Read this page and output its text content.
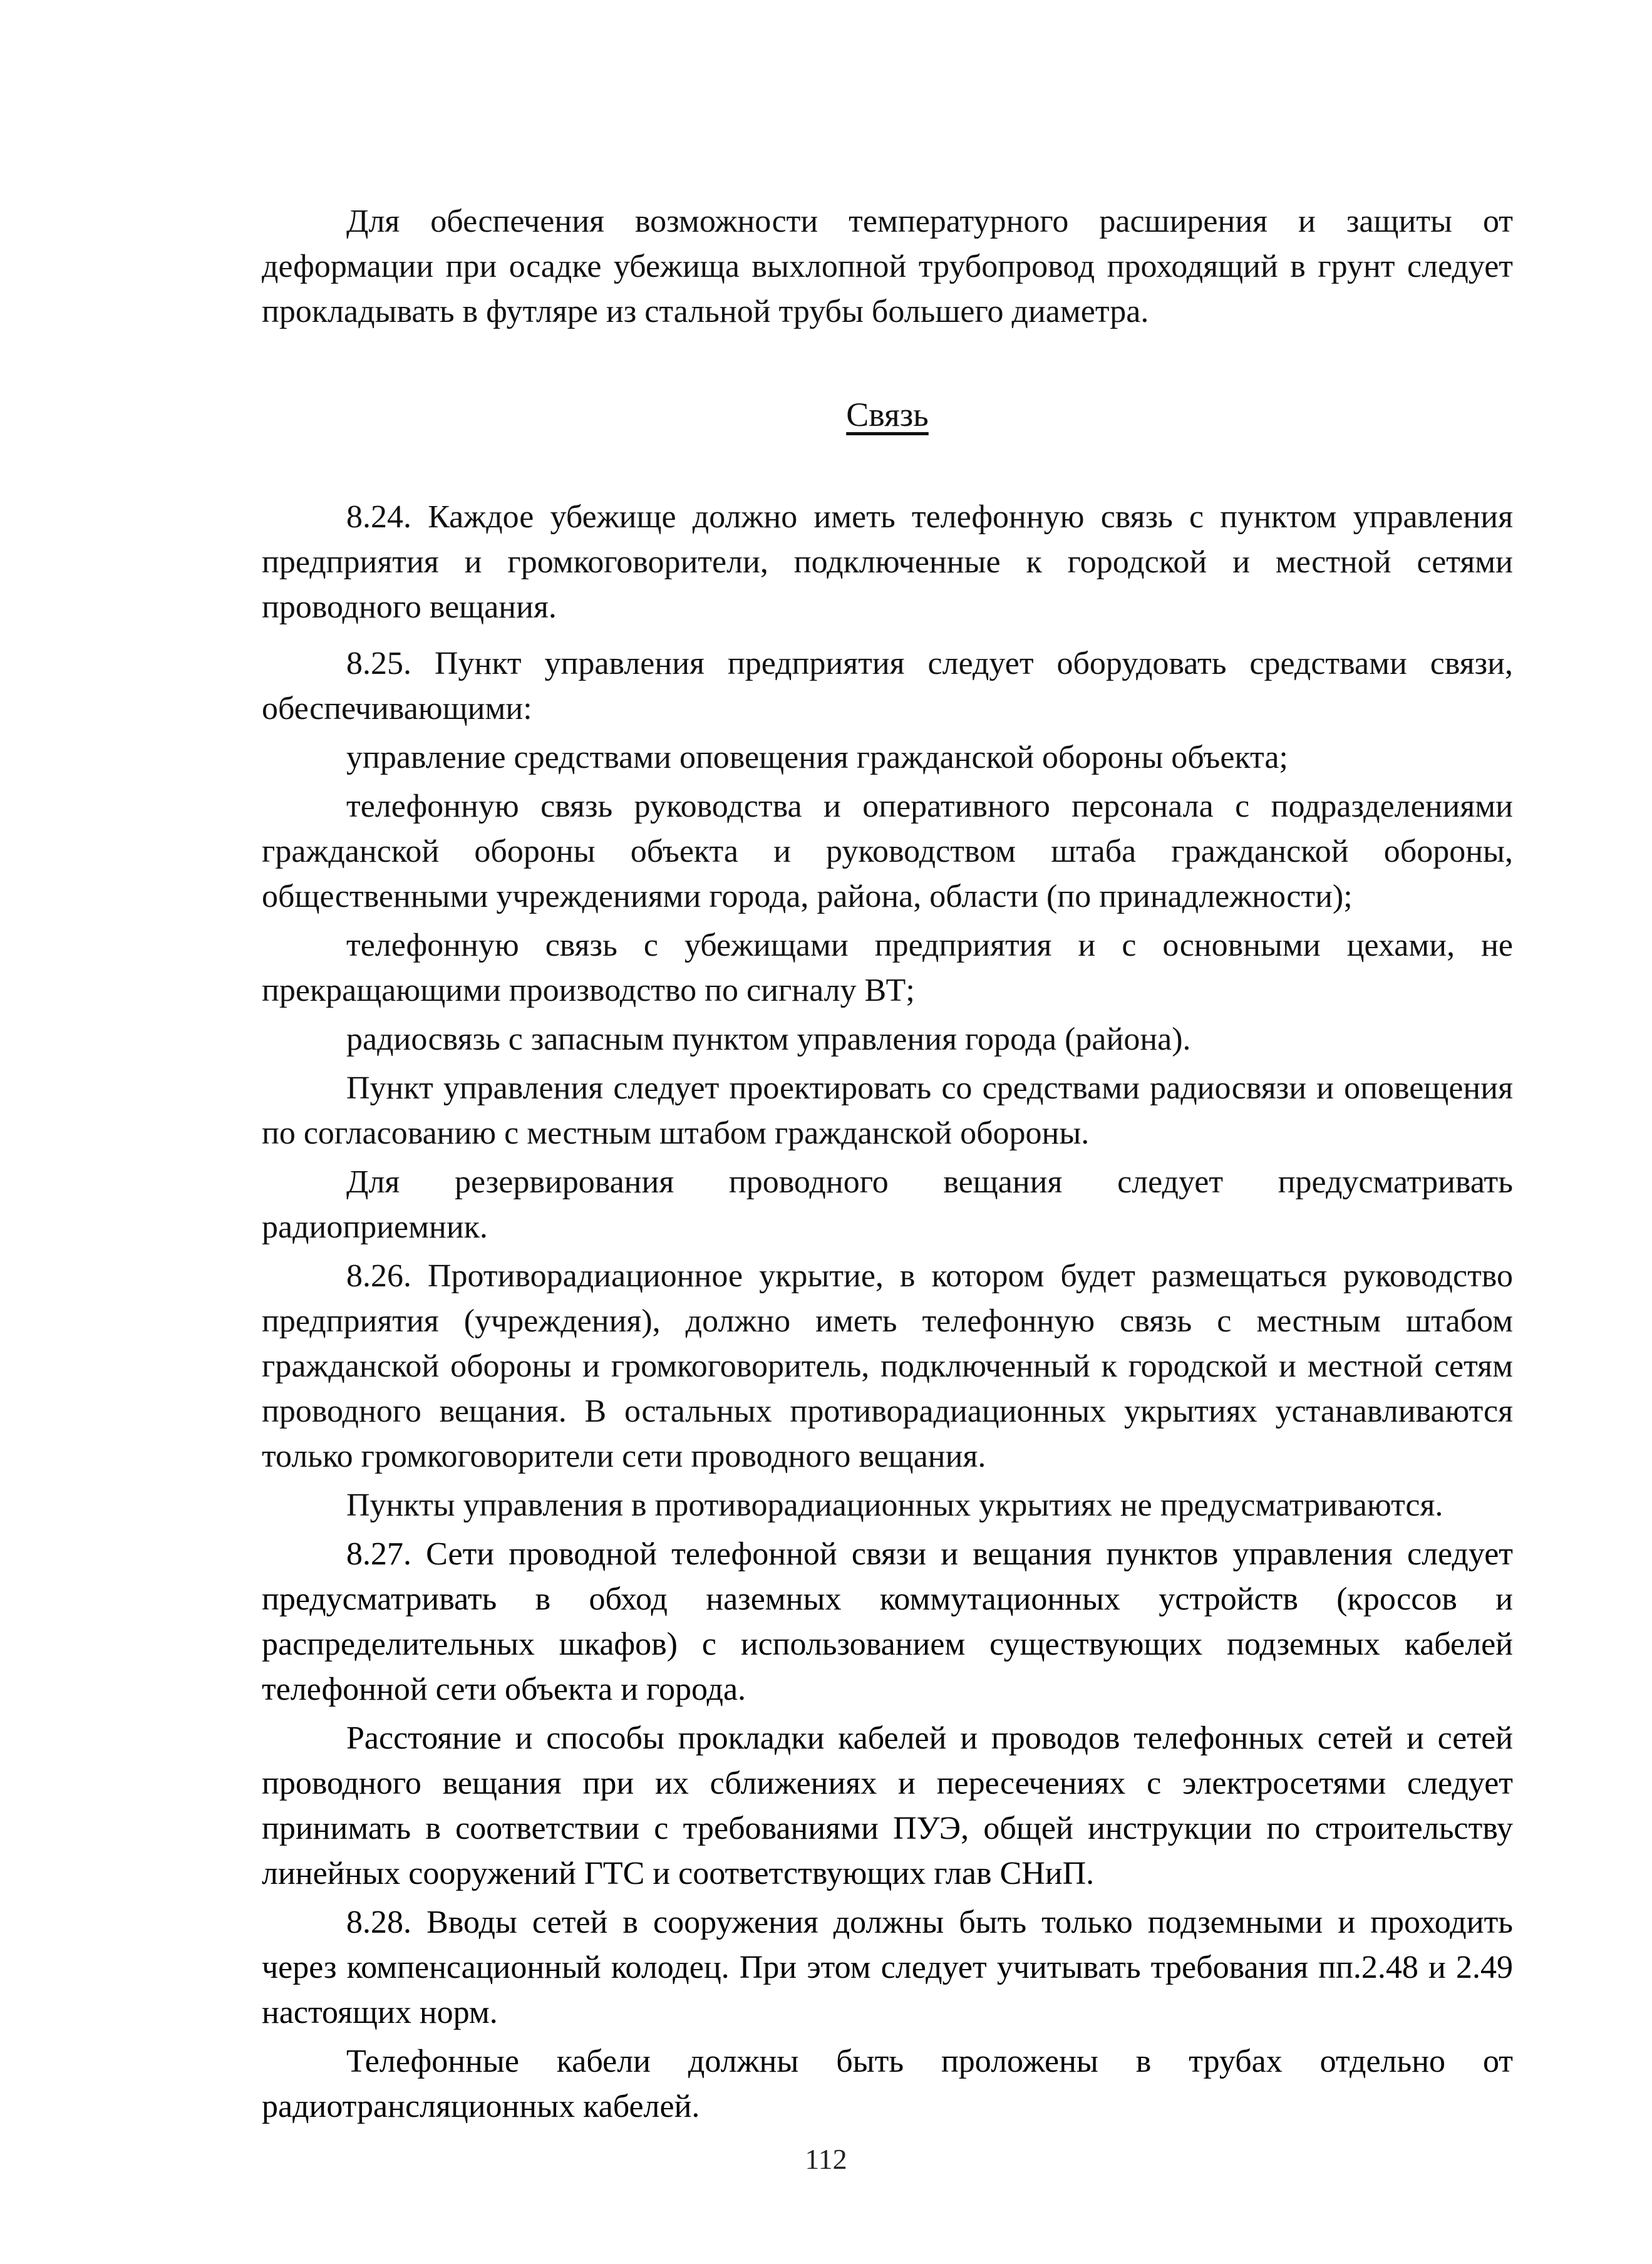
Для обеспечения возможности температурного расширения и защиты от деформации при осадке убежища выхлопной трубопровод проходящий в грунт следует прокладывать в футляре из стальной трубы большего диаметра.

Связь

8.24. Каждое убежище должно иметь телефонную связь с пунктом управления предприятия и громкоговорители, подключенные к городской и местной сетями проводного вещания.

8.25. Пункт управления предприятия следует оборудовать средствами связи, обеспечивающими:

управление средствами оповещения гражданской обороны объекта;

телефонную связь руководства и оперативного персонала с подразделениями гражданской обороны объекта и руководством штаба гражданской обороны, общественными учреждениями города, района, области (по принадлежности);

телефонную связь с убежищами предприятия и с основными цехами, не прекращающими производство по сигналу ВТ;

радиосвязь с запасным пунктом управления города (района).

Пункт управления следует проектировать со средствами радиосвязи и оповещения по согласованию с местным штабом гражданской обороны.

Для резервирования проводного вещания следует предусматривать радиоприемник.

8.26. Противорадиационное укрытие, в котором будет размещаться руководство предприятия (учреждения), должно иметь телефонную связь с местным штабом гражданской обороны и громкоговоритель, подключенный к городской и местной сетям проводного вещания. В остальных противорадиационных укрытиях устанавливаются только громкоговорители сети проводного вещания.

Пункты управления в противорадиационных укрытиях не предусматриваются.

8.27. Сети проводной телефонной связи и вещания пунктов управления следует предусматривать в обход наземных коммутационных устройств (кроссов и распределительных шкафов) с использованием существующих подземных кабелей телефонной сети объекта и города.

Расстояние и способы прокладки кабелей и проводов телефонных сетей и сетей проводного вещания при их сближениях и пересечениях с электросетями следует принимать в соответствии с требованиями ПУЭ, общей инструкции по строительству линейных сооружений ГТС и соответствующих глав СНиП.

8.28. Вводы сетей в сооружения должны быть только подземными и проходить через компенсационный колодец. При этом следует учитывать требования пп.2.48 и 2.49 настоящих норм.

Телефонные кабели должны быть проложены в трубах отдельно от радиотрансляционных кабелей.

112
